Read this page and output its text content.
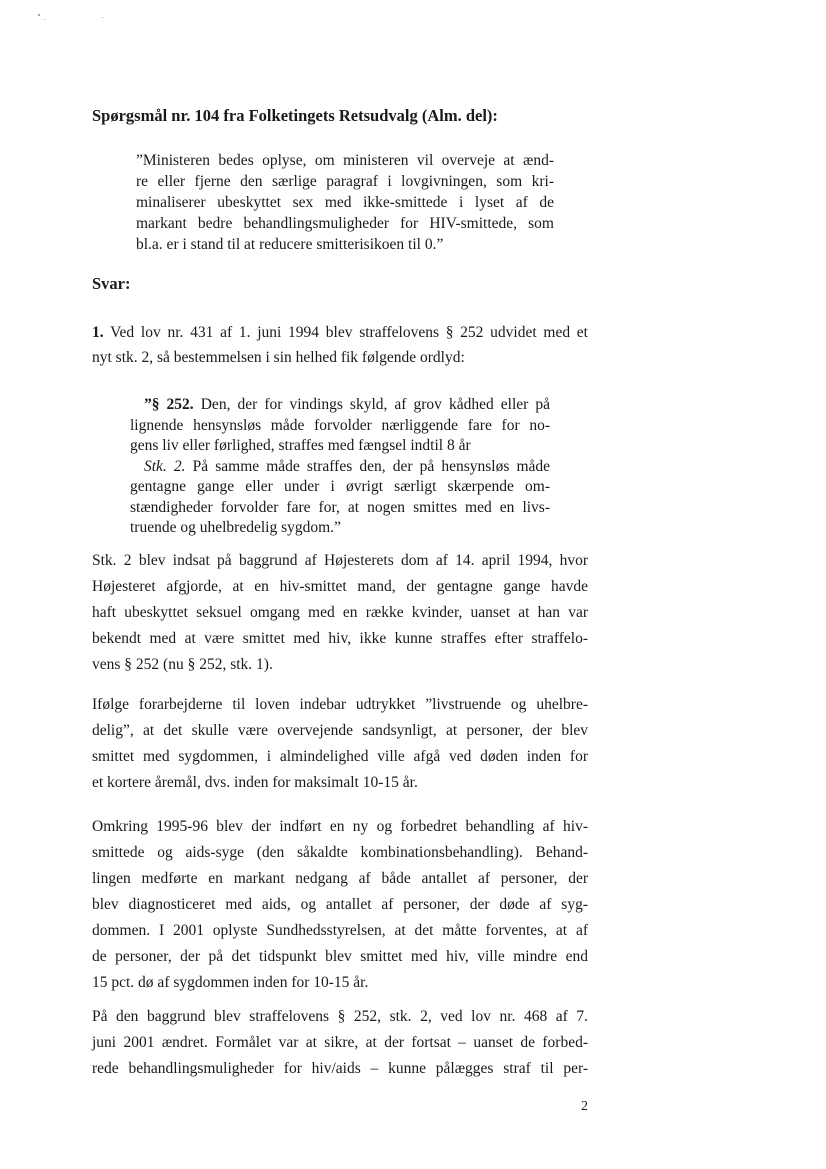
Spørgsmål nr. 104 fra Folketingets Retsudvalg (Alm. del):
”Ministeren bedes oplyse, om ministeren vil overveje at ænd-
re eller fjerne den særlige paragraf i lovgivningen, som kri-
minaliserer ubeskyttet sex med ikke-smittede i lyset af de
markant bedre behandlingsmuligheder for HIV-smittede, som
bl.a. er i stand til at reducere smitterisikoen til 0.”
Svar:
1. Ved lov nr. 431 af 1. juni 1994 blev straffelovens § 252 udvidet med et
nyt stk. 2, så bestemmelsen i sin helhed fik følgende ordlyd:
”§ 252. Den, der for vindings skyld, af grov kådhed eller på
lignende hensynsløs måde forvolder nærliggende fare for no-
gens liv eller førlighed, straffes med fængsel indtil 8 år
Stk. 2. På samme måde straffes den, der på hensynsløs måde
gentagne gange eller under i øvrigt særligt skærpende om-
stændigheder forvolder fare for, at nogen smittes med en livs-
truende og uhelbredelig sygdom.”
Stk. 2 blev indsat på baggrund af Højesterets dom af 14. april 1994, hvor
Højesteret afgjorde, at en hiv-smittet mand, der gentagne gange havde
haft ubeskyttet seksuel omgang med en række kvinder, uanset at han var
bekendt med at være smittet med hiv, ikke kunne straffes efter straffelo-
vens § 252 (nu § 252, stk. 1).
Ifølge forarbejderne til loven indebar udtrykket ”livstruende og uhelbre-
delig”, at det skulle være overvejende sandsynligt, at personer, der blev
smittet med sygdommen, i almindelighed ville afgå ved døden inden for
et kortere åremål, dvs. inden for maksimalt 10-15 år.
Omkring 1995-96 blev der indført en ny og forbedret behandling af hiv-
smittede og aids-syge (den såkaldte kombinationsbehandling). Behand-
lingen medførte en markant nedgang af både antallet af personer, der
blev diagnosticeret med aids, og antallet af personer, der døde af syg-
dommen. I 2001 oplyste Sundhedsstyrelsen, at det måtte forventes, at af
de personer, der på det tidspunkt blev smittet med hiv, ville mindre end
15 pct. dø af sygdommen inden for 10-15 år.
På den baggrund blev straffelovens § 252, stk. 2, ved lov nr. 468 af 7.
juni 2001 ændret. Formålet var at sikre, at der fortsat – uanset de forbed-
rede behandlingsmuligheder for hiv/aids – kunne pålægges straf til per-
2
